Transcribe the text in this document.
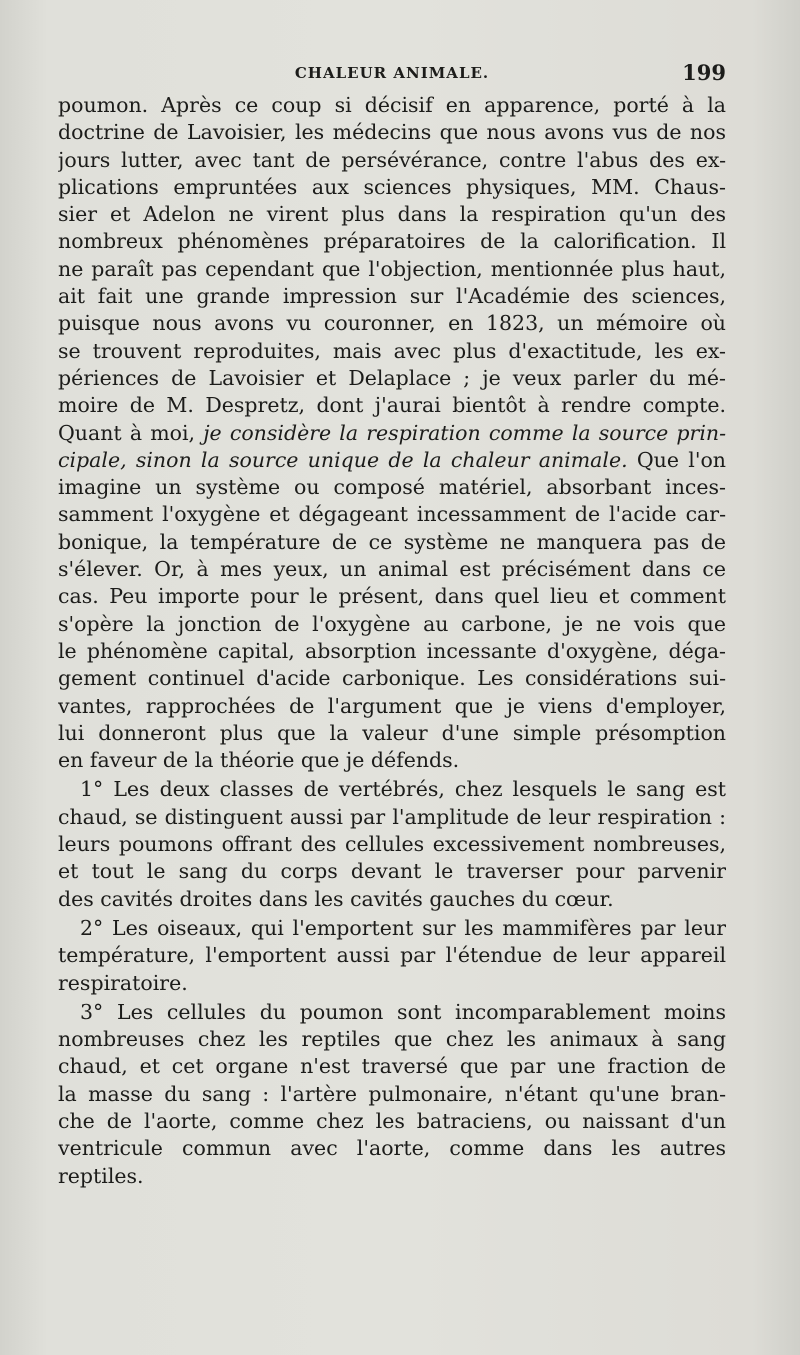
CHALEUR ANIMALE.	199
poumon. Après ce coup si décisif en apparence, porté à la
doctrine de Lavoisier, les médecins que nous avons vus de nos
jours lutter, avec tant de persévérance, contre l'abus des ex-
plications empruntées aux sciences physiques, MM. Chaus-
sier et Adelon ne virent plus dans la respiration qu'un des
nombreux phénomènes préparatoires de la calorification. Il
ne paraît pas cependant que l'objection, mentionnée plus haut,
ait fait une grande impression sur l'Académie des sciences,
puisque nous avons vu couronner, en 1823, un mémoire où
se trouvent reproduites, mais avec plus d'exactitude, les ex-
périences de Lavoisier et Delaplace ; je veux parler du mé-
moire de M. Despretz, dont j'aurai bientôt à rendre compte.
Quant à moi, je considère la respiration comme la source prin-
cipale, sinon la source unique de la chaleur animale. Que l'on
imagine un système ou composé matériel, absorbant inces-
samment l'oxygène et dégageant incessamment de l'acide car-
bonique, la température de ce système ne manquera pas de
s'élever. Or, à mes yeux, un animal est précisément dans ce
cas. Peu importe pour le présent, dans quel lieu et comment
s'opère la jonction de l'oxygène au carbone, je ne vois que
le phénomène capital, absorption incessante d'oxygène, déga-
gement continuel d'acide carbonique. Les considérations sui-
vantes, rapprochées de l'argument que je viens d'employer,
lui donneront plus que la valeur d'une simple présomption
en faveur de la théorie que je défends.
1° Les deux classes de vertébrés, chez lesquels le sang est
chaud, se distinguent aussi par l'amplitude de leur respiration :
leurs poumons offrant des cellules excessivement nombreuses,
et tout le sang du corps devant le traverser pour parvenir
des cavités droites dans les cavités gauches du cœur.
2° Les oiseaux, qui l'emportent sur les mammifères par leur
température, l'emportent aussi par l'étendue de leur appareil
respiratoire.
3° Les cellules du poumon sont incomparablement moins
nombreuses chez les reptiles que chez les animaux à sang
chaud, et cet organe n'est traversé que par une fraction de
la masse du sang : l'artère pulmonaire, n'étant qu'une bran-
che de l'aorte, comme chez les batraciens, ou naissant d'un
ventricule commun avec l'aorte, comme dans les autres
reptiles.
